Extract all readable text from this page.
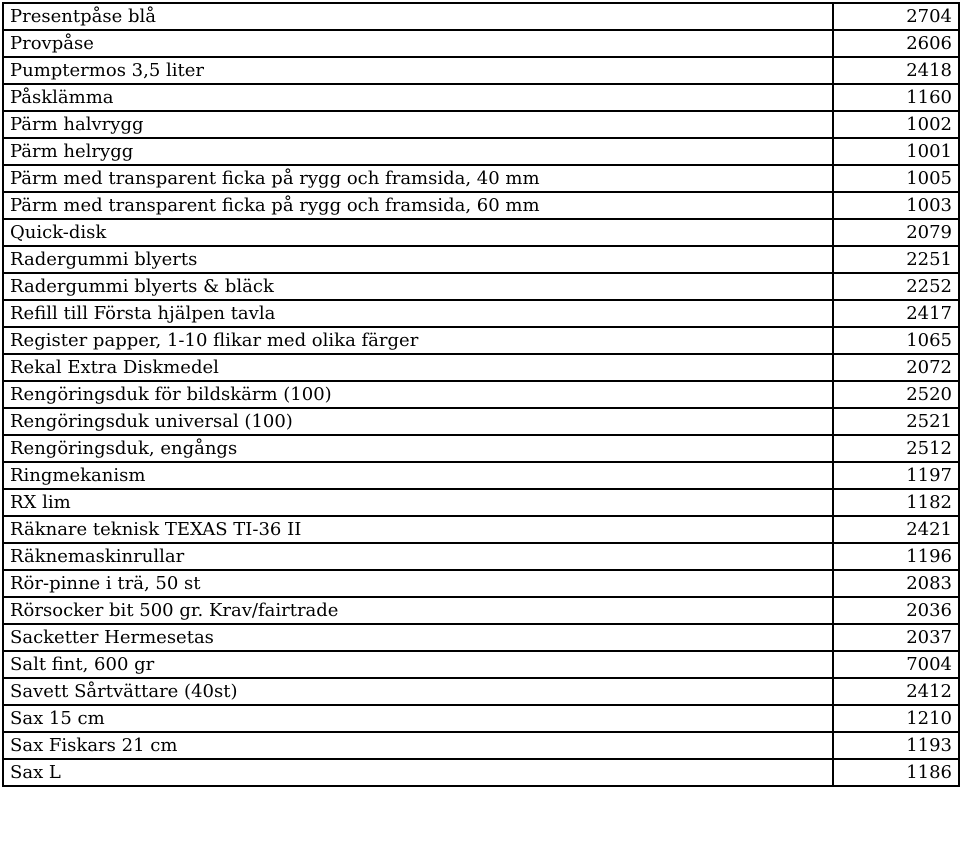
Presentpåse blå	2704
Provpåse	2606
Pumptermos 3,5 liter	2418
Påsklämma	1160
Pärm halvrygg	1002
Pärm helrygg	1001
Pärm med transparent ficka på rygg och framsida, 40 mm	1005
Pärm med transparent ficka på rygg och framsida, 60 mm	1003
Quick-disk	2079
Radergummi blyerts	2251
Radergummi blyerts & bläck	2252
Refill till Första hjälpen tavla	2417
Register papper, 1-10 flikar med olika färger	1065
Rekal Extra Diskmedel	2072
Rengöringsduk för bildskärm (100)	2520
Rengöringsduk universal (100)	2521
Rengöringsduk, engångs	2512
Ringmekanism	1197
RX lim	1182
Räknare teknisk TEXAS TI-36 II	2421
Räknemaskinrullar	1196
Rör-pinne i trä, 50 st	2083
Rörsocker bit 500 gr. Krav/fairtrade	2036
Sacketter Hermesetas	2037
Salt fint, 600 gr	7004
Savett Sårtvättare (40st)	2412
Sax 15 cm	1210
Sax Fiskars 21 cm	1193
Sax L	1186
